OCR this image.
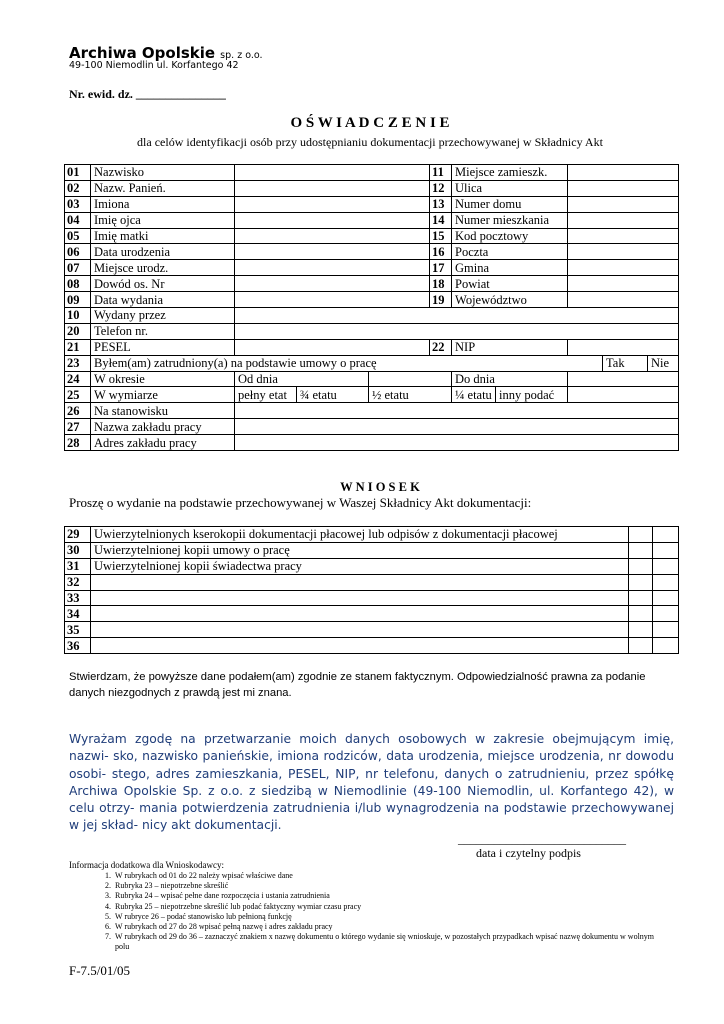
Archiwa Opolskie sp. z o.o.
49-100 Niemodlin ul. Korfantego 42
Nr. ewid. dz. _______________
O Ś W I A D C Z E N I E
dla celów identyfikacji osób przy udostępnianiu dokumentacji przechowywanej w Składnicy Akt
01	Nazwisko				11	Miejsce zamieszk.				
02	Nazw. Panień.				12	Ulica				
03	Imiona				13	Numer domu				
04	Imię ojca				14	Numer mieszkania				
05	Imię matki				15	Kod pocztowy				
06	Data urodzenia				16	Poczta				
07	Miejsce urodz.				17	Gmina				
08	Dowód os. Nr				18	Powiat				
09	Data wydania				19	Województwo				
10	Wydany przez									
20	Telefon nr.									
21	PESEL				22	NIP				
23	Byłem(am) zatrudniony(a) na podstawie umowy o pracę								Tak	Nie
24	W okresie	Od dnia				Do dnia				
25	W wymiarze	pełny etat	¾ etatu	½ etatu		¼ etatu	inny podać			
26	Na stanowisku									
27	Nazwa zakładu pracy									
28	Adres zakładu pracy									
W N I O S E K
Proszę o wydanie na podstawie przechowywanej w Waszej Składnicy Akt dokumentacji:
29	Uwierzytelnionych kserokopii dokumentacji płacowej lub odpisów z dokumentacji płacowej		
30	Uwierzytelnionej kopii umowy o pracę		
31	Uwierzytelnionej kopii świadectwa pracy		
32			
33			
34			
35			
36			
Stwierdzam, że powyższe dane podałem(am) zgodnie ze stanem faktycznym. Odpowiedzialność prawna za podanie danych niezgodnych z prawdą jest mi znana.
Wyrażam zgodę na przetwarzanie moich danych osobowych w zakresie obejmującym imię, nazwi- sko, nazwisko panieńskie, imiona rodziców, data urodzenia, miejsce urodzenia, nr dowodu osobi- stego, adres zamieszkania, PESEL, NIP, nr telefonu, danych o zatrudnieniu, przez spółkę Archiwa Opolskie Sp. z o.o. z siedzibą w Niemodlinie (49-100 Niemodlin, ul. Korfantego 42), w celu otrzy- mania potwierdzenia zatrudnienia i/lub wynagrodzenia na podstawie przechowywanej w jej skład- nicy akt dokumentacji.
____________________________
data i czytelny podpis
Informacja dodatkowa dla Wnioskodawcy:
1. W rubrykach od 01 do 22 należy wpisać właściwe dane
2. Rubryka 23 – niepotrzebne skreślić
3. Rubryka 24 – wpisać pełne dane rozpoczęcia i ustania zatrudnienia
4. Rubryka 25 – niepotrzebne skreślić lub podać faktyczny wymiar czasu pracy
5. W rubryce 26 – podać stanowisko lub pełnioną funkcję
6. W rubrykach od 27 do 28 wpisać pełną nazwę i adres zakładu pracy
7. W rubrykach od 29 do 36 – zaznaczyć znakiem x nazwę dokumentu o którego wydanie się wnioskuje, w pozostałych przypadkach wpisać nazwę dokumentu w wolnym polu
F-7.5/01/05
